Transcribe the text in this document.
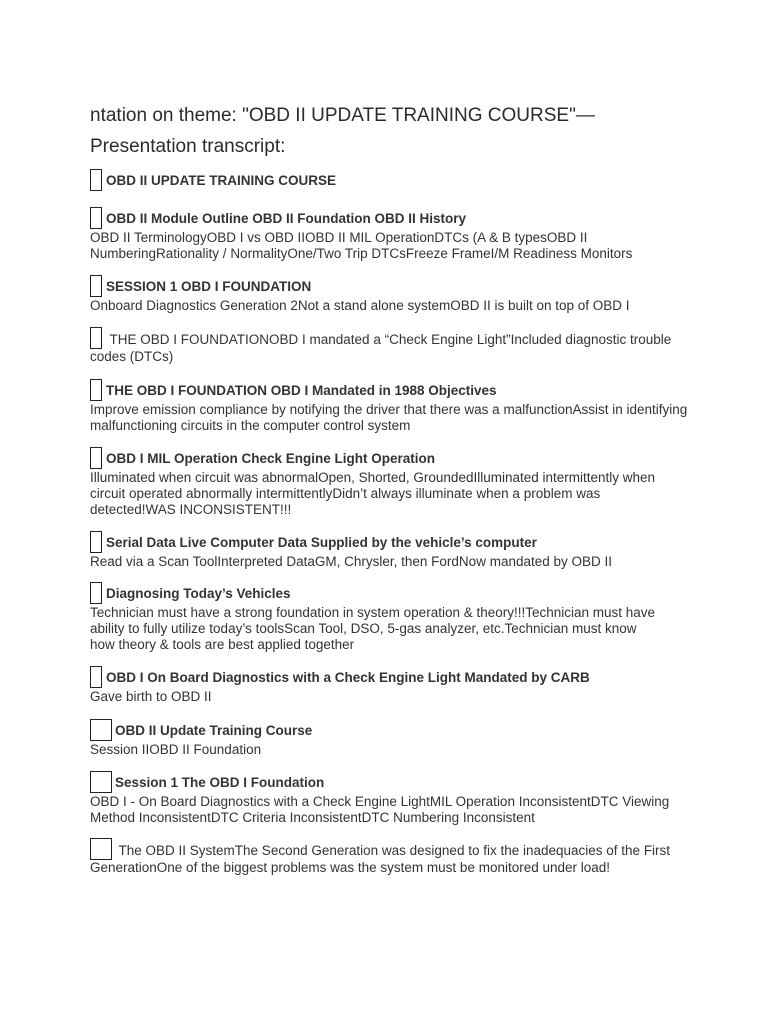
ntation on theme: "OBD II UPDATE TRAINING COURSE"—
Presentation transcript:
OBD II UPDATE TRAINING COURSE
OBD II Module Outline OBD II Foundation OBD II History

OBD II TerminologyOBD I vs OBD IIOBD II MIL OperationDTCs (A & B typesOBD II NumberingRationality / NormalityOne/Two Trip DTCsFreeze FrameI/M Readiness Monitors

SESSION 1 OBD I FOUNDATION

Onboard Diagnostics Generation 2Not a stand alone systemOBD II is built on top of OBD I

THE OBD I FOUNDATIONOBD I mandated a “Check Engine Light”Included diagnostic trouble codes (DTCs)

THE OBD I FOUNDATION OBD I Mandated in 1988 Objectives

Improve emission compliance by notifying the driver that there was a malfunctionAssist in identifying malfunctioning circuits in the computer control system

OBD I MIL Operation Check Engine Light Operation

Illuminated when circuit was abnormalOpen, Shorted, GroundedIlluminated intermittently when circuit operated abnormally intermittentlyDidn’t always illuminate when a problem was detected!WAS INCONSISTENT!!!

Serial Data Live Computer Data Supplied by the vehicle’s computer

Read via a Scan ToolInterpreted DataGM, Chrysler, then FordNow mandated by OBD II

Diagnosing Today’s Vehicles

Technician must have a strong foundation in system operation & theory!!!Technician must have ability to fully utilize today’s toolsScan Tool, DSO, 5-gas analyzer, etc.Technician must know how theory & tools are best applied together

OBD I On Board Diagnostics with a Check Engine Light Mandated by CARB

Gave birth to OBD II

OBD II Update Training Course

Session IIOBD II Foundation

Session 1 The OBD I Foundation

OBD I - On Board Diagnostics with a Check Engine LightMIL Operation InconsistentDTC Viewing Method InconsistentDTC Criteria InconsistentDTC Numbering Inconsistent

The OBD II SystemThe Second Generation was designed to fix the inadequacies of the First GenerationOne of the biggest problems was the system must be monitored under load!
